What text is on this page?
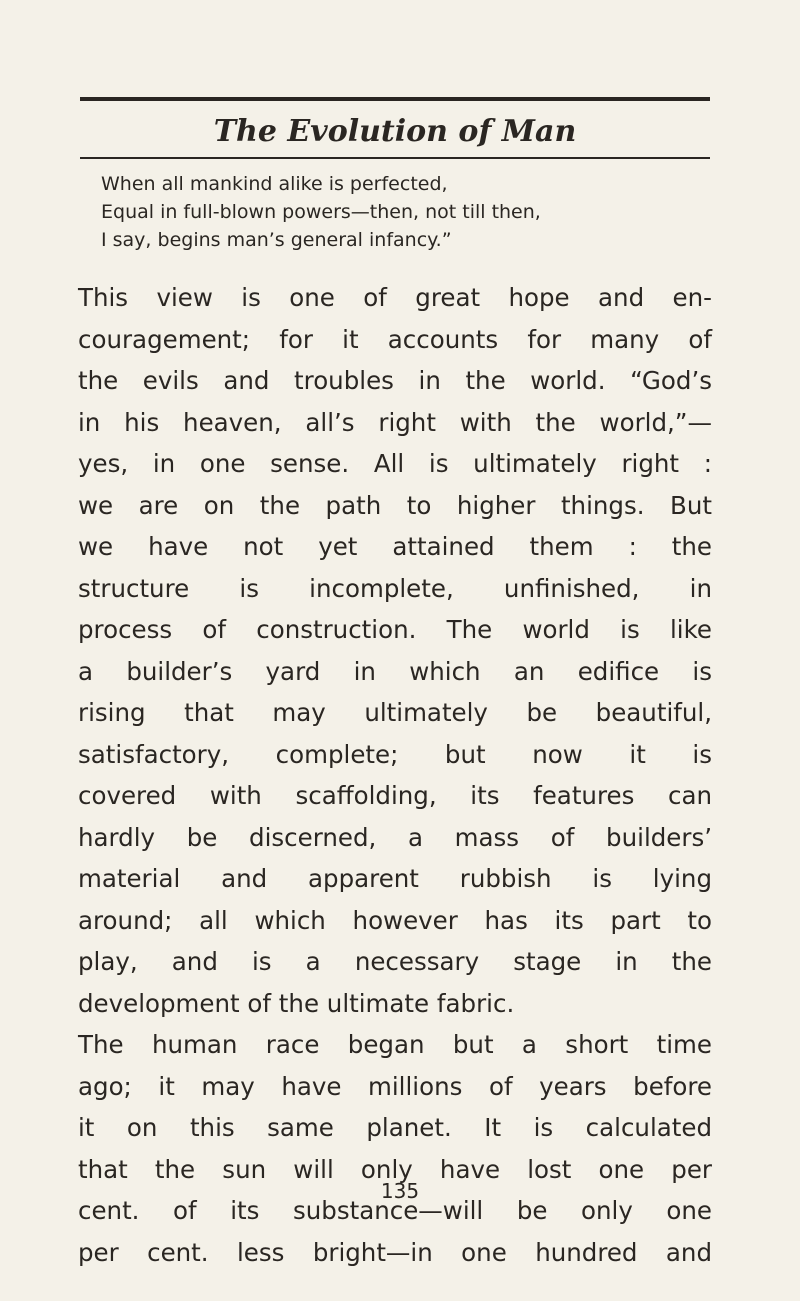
The Evolution of Man
When all mankind alike is perfected,
Equal in full-blown powers—then, not till then,
I say, begins man’s general infancy.”
This view is one of great hope and en-
couragement; for it accounts for many of
the evils and troubles in the world. “God’s
in his heaven, all’s right with the world,”—
yes, in one sense. All is ultimately right :
we are on the path to higher things. But
we have not yet attained them : the
structure is incomplete, unfinished, in
process of construction. The world is like
a builder’s yard in which an edifice is
rising that may ultimately be beautiful,
satisfactory, complete; but now it is
covered with scaffolding, its features can
hardly be discerned, a mass of builders’
material and apparent rubbish is lying
around; all which however has its part to
play, and is a necessary stage in the
development of the ultimate fabric.
The human race began but a short time
ago; it may have millions of years before
it on this same planet. It is calculated
that the sun will only have lost one per
cent. of its substance—will be only one
per cent. less bright—in one hundred and
135
